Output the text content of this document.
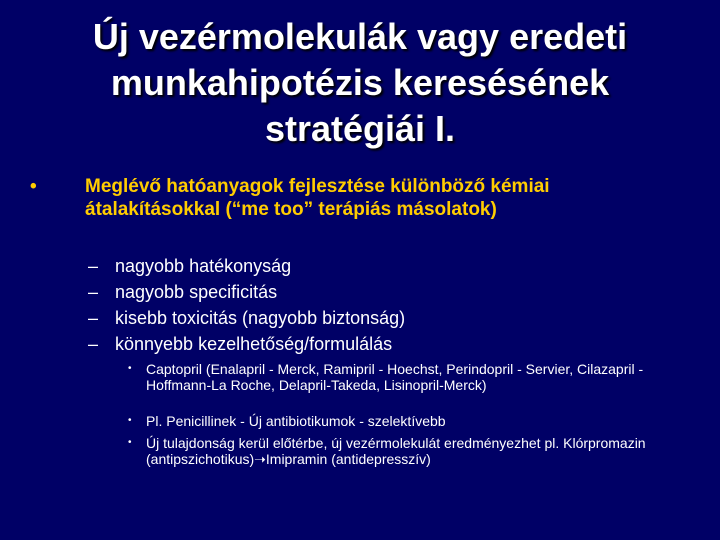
Új vezérmolekulák vagy eredeti
munkahipotézis keresésének
stratégiái I.
•	Meglévő hatóanyagok fejlesztése különböző kémiai átalakításokkal (“me too” terápiás másolatok)
– nagyobb hatékonyság
– nagyobb specificitás
– kisebb toxicitás (nagyobb biztonság)
– könnyebb kezelhetőség/formulálás
• Captopril (Enalapril - Merck, Ramipril - Hoechst, Perindopril - Servier, Cilazapril - Hoffmann-La Roche, Delapril-Takeda, Lisinopril-Merck)
• Pl. Penicillinek - Új antibiotikumok - szelektívebb
• Új tulajdonság kerül előtérbe, új vezérmolekulát eredményezhet pl. Klórpromazin (antipszichotikus)➝Imipramin (antidepresszív)
